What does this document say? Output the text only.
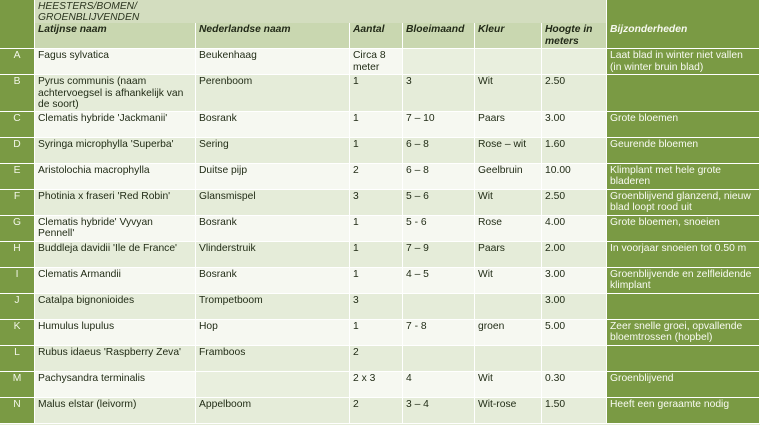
	HEESTERS/BOMEN/
GROENBLIJVENDEN						
	Latijnse naam	Nederlandse naam	Aantal	Bloeimaand	Kleur	Hoogte in meters	Bijzonderheden
A	Fagus sylvatica	Beukenhaag	Circa 8 meter				Laat blad in winter niet vallen (in winter bruin blad)
B	Pyrus communis (naam achtervoegsel is afhankelijk van de soort)	Perenboom	1	3	Wit	2.50	
C	Clematis hybride 'Jackmanii'	Bosrank	1	7 – 10	Paars	3.00	Grote bloemen
D	Syringa microphylla 'Superba'	Sering	1	6 – 8	Rose – wit	1.60	Geurende bloemen
E	Aristolochia macrophylla	Duitse pijp	2	6 – 8	Geelbruin	10.00	Klimplant met hele grote bladeren
F	Photinia x fraseri 'Red Robin'	Glansmispel	3	5 – 6	Wit	2.50	Groenblijvend glanzend, nieuw blad loopt rood uit
G	Clematis hybride' Vyvyan Pennell'	Bosrank	1	5 - 6	Rose	4.00	Grote bloemen, snoeien
H	Buddleja davidii 'Ile de France'	Vlinderstruik	1	7 – 9	Paars	2.00	In voorjaar snoeien tot 0.50 m
I	Clematis Armandii	Bosrank	1	4 – 5	Wit	3.00	Groenblijvende en zelfleidende klimplant
J	Catalpa bignonioides	Trompetboom	3			3.00	
K	Humulus lupulus	Hop	1	7 - 8	groen	5.00	Zeer snelle groei, opvallende bloemtrossen (hopbel)
L	Rubus idaeus 'Raspberry Zeva'	Framboos	2				
M	Pachysandra terminalis		2 x 3	4	Wit	0.30	Groenblijvend
N	Malus elstar (leivorm)	Appelboom	2	3 – 4	Wit-rose	1.50	Heeft een geraamte nodig
